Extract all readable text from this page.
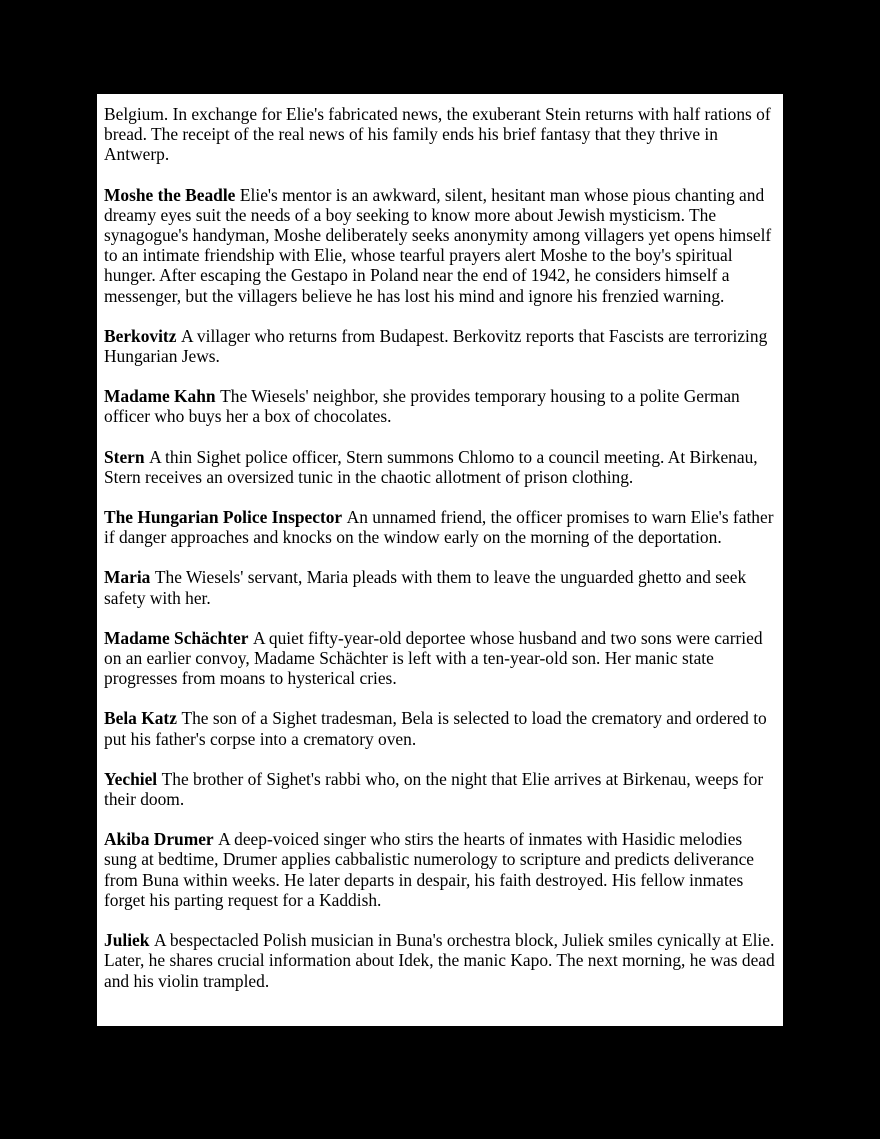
Belgium. In exchange for Elie's fabricated news, the exuberant Stein returns with half rations of bread. The receipt of the real news of his family ends his brief fantasy that they thrive in Antwerp.

Moshe the Beadle Elie's mentor is an awkward, silent, hesitant man whose pious chanting and dreamy eyes suit the needs of a boy seeking to know more about Jewish mysticism. The synagogue's handyman, Moshe deliberately seeks anonymity among villagers yet opens himself to an intimate friendship with Elie, whose tearful prayers alert Moshe to the boy's spiritual hunger. After escaping the Gestapo in Poland near the end of 1942, he considers himself a messenger, but the villagers believe he has lost his mind and ignore his frenzied warning.

Berkovitz A villager who returns from Budapest. Berkovitz reports that Fascists are terrorizing Hungarian Jews.

Madame Kahn The Wiesels' neighbor, she provides temporary housing to a polite German officer who buys her a box of chocolates.

Stern A thin Sighet police officer, Stern summons Chlomo to a council meeting. At Birkenau, Stern receives an oversized tunic in the chaotic allotment of prison clothing.

The Hungarian Police Inspector An unnamed friend, the officer promises to warn Elie's father if danger approaches and knocks on the window early on the morning of the deportation.

Maria The Wiesels' servant, Maria pleads with them to leave the unguarded ghetto and seek safety with her.

Madame Schächter A quiet fifty-year-old deportee whose husband and two sons were carried on an earlier convoy, Madame Schächter is left with a ten-year-old son. Her manic state progresses from moans to hysterical cries.

Bela Katz The son of a Sighet tradesman, Bela is selected to load the crematory and ordered to put his father's corpse into a crematory oven.

Yechiel The brother of Sighet's rabbi who, on the night that Elie arrives at Birkenau, weeps for their doom.

Akiba Drumer A deep-voiced singer who stirs the hearts of inmates with Hasidic melodies sung at bedtime, Drumer applies cabbalistic numerology to scripture and predicts deliverance from Buna within weeks. He later departs in despair, his faith destroyed. His fellow inmates forget his parting request for a Kaddish.

Juliek A bespectacled Polish musician in Buna's orchestra block, Juliek smiles cynically at Elie. Later, he shares crucial information about Idek, the manic Kapo. The next morning, he was dead and his violin trampled.
